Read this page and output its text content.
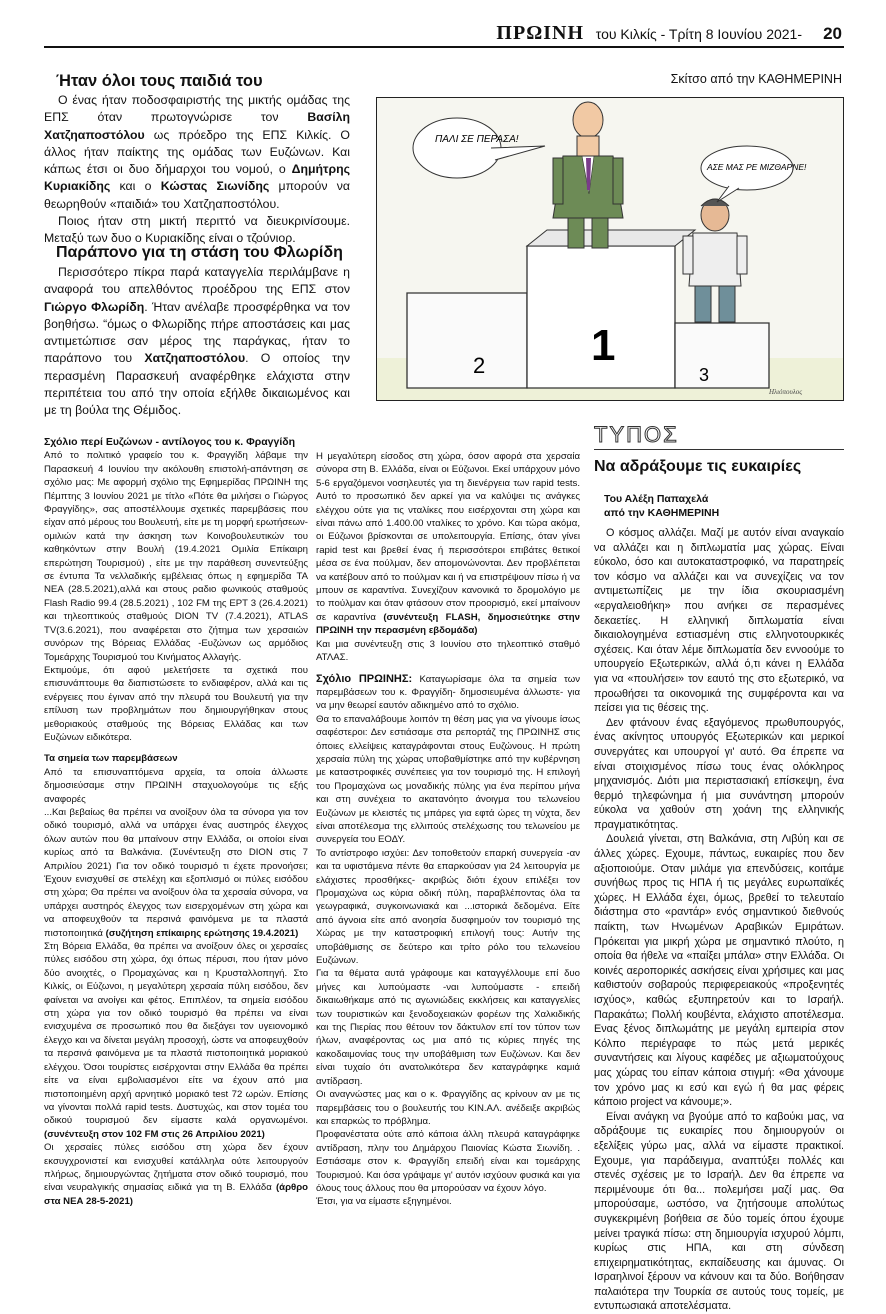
ΠΡΩΙΝΗ του Κιλκίς - Τρίτη 8 Ιουνίου 2021- 20
Ήταν όλοι τους παιδιά του

Ο ένας ήταν ποδοσφαιριστής της μικτής ομάδας της ΕΠΣ όταν πρωτογνώρισε τον Βασίλη Χατζηαποστόλου ως πρόεδρο της ΕΠΣ Κιλκίς. Ο άλλος ήταν παίκτης της ομάδας των Ευζώνων. Και κάπως έτσι οι δυο δήμαρχοι του νομού, ο Δημήτρης Κυριακίδης και ο Κώστας Σιωνίδης μπορούν να θεωρηθούν «παιδιά» του Χατζηαποστόλου.

Ποιος ήταν στη μικτή περιττό να διευκρινίσουμε. Μεταξύ των δυο ο Κυριακίδης είναι ο τζούνιορ.

Παράπονο για τη στάση του Φλωρίδη

Περισσότερο πίκρα παρά καταγγελία περιλάμβανε η αναφορά του απελθόντος προέδρου της ΕΠΣ στον Γιώργο Φλωρίδη. Ήταν ανέλαβε προσφέρθηκα να τον βοηθήσω. “όμως ο Φλωρίδης πήρε αποστάσεις και μας αντιμετώπισε σαν μέρος της παράγκας, ήταν το παράπονο του Χατζηαποστόλου. Ο οποίος την περασμένη Παρασκευή αναφέρθηκε ελάχιστα στην περιπέτεια του από την οποία εξήλθε δικαιωμένος και με τη βούλα της Θέμιδος.

Σκίτσο από την ΚΑΘΗΜΕΡΙΝΗ
2 1
3
ΠΑΛΙ ΣΕ ΠΕΡΑΣΑ!
ΑΣΕ ΜΑΣ ΡΕ ΜΙΖΘΑΡΝΕ!
Ηλιόπουλος

Σχόλιο περί Ευζώνων - αντίλογος του κ. Φραγγίδη

Από το πολιτικό γραφείο του κ. Φραγγίδη λάβαμε την Παρασκευή 4 Ιουνίου την ακόλουθη επιστολή-απάντηση σε σχόλιο μας: Με αφορμή σχόλιο της Εφημερίδας ΠΡΩΙΝΗ της Πέμπτης 3 Ιουνίου 2021 με τίτλο «Πότε θα μιλήσει ο Γιώργος Φραγγίδης», σας αποστέλλουμε σχετικές παρεμβάσεις που είχαν από μέρους του Βουλευτή, είτε με τη μορφή ερωτήσεων-ομιλιών κατά την άσκηση των Κοινοβουλευτικών του καθηκόντων στην Βουλή (19.4.2021 Ομιλία Επίκαιρη επερώτηση Τουρισμού) , είτε με την παράθεση συνεντεύξης σε έντυπα Τα νελλαδικής εμβέλειας όπως η εφημερίδα ΤΑ ΝΕΑ (28.5.2021),αλλά και στους ραδιο φωνικούς σταθμούς Flash Radio 99.4 (28.5.2021) , 102 FM της ΕΡΤ 3 (26.4.2021) και τηλεοπτικούς σταθμούς DION TV (7.4.2021), ATLAS TV(3.6.2021), που αναφέρεται στο ζήτημα των χερσαιών συνόρων της Βόρειας Ελλάδας -Ευζώνων ως αρμόδιος Τομεάρχης Τουρισμού του Κινήματος Αλλαγής.

Εκτιμούμε, ότι αφού μελετήσετε τα σχετικά που επισυνάπτουμε θα διαπιστώσετε το ενδιαφέρον, αλλά και τις ενέργειες που έγιναν από την πλευρά του Βουλευτή για την επίλυση των προβλημάτων που δημιουργήθηκαν στους μεθοριακούς σταθμούς της Βόρειας Ελλάδας και των Ευζώνων ειδικότερα.

Τα σημεία των παρεμβάσεων

Από τα επισυναπτόμενα αρχεία, τα οποία άλλωστε δημοσιεύσαμε στην ΠΡΩΙΝΗ σταχυολογούμε τις εξής αναφορές

...Και βεβαίως θα πρέπει να ανοίξουν όλα τα σύνορα για τον οδικό τουρισμό, αλλά να υπάρχει ένας αυστηρός έλεγχος όλων αυτών που θα μπαίνουν στην Ελλάδα, οι οποίοι είναι κυρίως από τα Βαλκάνια. (Συνέντευξη στο DION στις 7 Απριλίου 2021) Για τον οδικό τουρισμό τι έχετε προνοήσει; Έχουν ενισχυθεί σε στελέχη και εξοπλισμό οι πύλες εισόδου στη χώρα; Θα πρέπει να ανοίξουν όλα τα χερσαία σύνορα, να υπάρχει αυστηρός έλεγχος των εισερχομένων στη χώρα και να αποφευχθούν τα περσινά φαινόμενα με τα πλαστά πιστοποιητικά (συζήτηση επίκαιρης ερώτησης 19.4.2021)

Στη Βόρεια Ελλάδα, θα πρέπει να ανοίξουν όλες οι χερσαίες πύλες εισόδου στη χώρα, όχι όπως πέρυσι, που ήταν μόνο δύο ανοιχτές, ο Προμαχώνας και η Κρυσταλλοπηγή. Στο Κιλκίς, οι Εύζωνοι, η μεγαλύτερη χερσαία πύλη εισόδου, δεν φαίνεται να ανοίγει και φέτος. Επιπλέον, τα σημεία εισόδου στη χώρα για τον οδικό τουρισμό θα πρέπει να είναι ενισχυμένα σε προσωπικό που θα διεξάγει τον υγειονομικό έλεγχο και να δίνεται μεγάλη προσοχή, ώστε να αποφευχθούν τα περσινά φαινόμενα με τα πλαστά πιστοποιητικά μοριακού ελέγχου. Όσοι τουρίστες εισέρχονται στην Ελλάδα θα πρέπει είτε να είναι εμβολιασμένοι είτε να έχουν από μια πιστοποιημένη αρχή αρνητικό μοριακό test 72 ωρών. Επίσης να γίνονται πολλά rapid tests. Δυστυχώς, και στον τομέα του οδικού τουρισμού δεν είμαστε καλά οργανωμένοι. (συνέντευξη στον 102 FM στις 26 Απριλίου 2021)

Οι χερσαίες πύλες εισόδου στη χώρα δεν έχουν εκσυγχρονιστεί και ενισχυθεί κατάλληλα ούτε λειτουργούν πλήρως, δημιουργώντας ζητήματα στον οδικό τουρισμό, που είναι νευραλγικής σημασίας ειδικά για τη Β. Ελλάδα (άρθρο στα ΝΕΑ 28-5-2021)

Η μεγαλύτερη είσοδος στη χώρα, όσον αφορά στα χερσαία σύνορα στη Β. Ελλάδα, είναι οι Εύζωνοι. Εκεί υπάρχουν μόνο 5-6 εργαζόμενοι νοσηλευτές για τη διενέργεια των rapid tests. Αυτό το προσωπικό δεν αρκεί για να καλύψει τις ανάγκες ελέγχου ούτε για τις νταλίκες που εισέρχονται στη χώρα και είναι πάνω από 1.400.00 νταλίκες το χρόνο. Και τώρα ακόμα, οι Εύζωνοι βρίσκονται σε υπολειτουργία. Επίσης, όταν γίνει rapid test και βρεθεί ένας ή περισσότεροι επιβάτες θετικοί μέσα σε ένα πούλμαν, δεν απομονώνονται. Δεν προβλέπεται να κατέβουν από το πούλμαν και ή να επιστρέψουν πίσω ή να μπουν σε καραντίνα. Συνεχίζουν κανονικά το δρομολόγιο με το πούλμαν και όταν φτάσουν στον προορισμό, εκεί μπαίνουν σε καραντίνα (συνέντευξη FLASH, δημοσιεύτηκε στην ΠΡΩΙΝΗ την περασμένη εβδομάδα)

Και μια συνέντευξη στις 3 Ιουνίου στο τηλεοπτικό σταθμό ΑΤΛΑΣ.

Σχόλιο ΠΡΩΙΝΗΣ: Καταγωρίσαμε όλα τα σημεία των παρεμβάσεων του κ. Φραγγίδη- δημοσιευμένα άλλωστε- για να μην θεωρεί εαυτόν αδικημένο από το σχόλιο.

Θα το επαναλάβουμε λοιπόν τη θέση μας για να γίνουμε ίσως σαφέστεροι: Δεν εστιάσαμε στα ρεπορτάζ της ΠΡΩΙΝΗΣ στις όποιες ελλείψεις καταγράφονται στους Ευζώνους. Η πρώτη χερσαία πύλη της χώρας υποβαθμίστηκε από την κυβέρνηση με καταστροφικές συνέπειες για τον τουρισμό της. Η επιλογή του Προμαχώνα ως μοναδικής πύλης για ένα περίπου μήνα και στη συνέχεια το ακατανόητο άνοιγμα του τελωνείου Ευζώνων με κλειστές τις μπάρες για εφτά ώρες τη νύχτα, δεν είναι αποτέλεσμα της ελλιπούς στελέχωσης του τελωνείου με συνεργεία του ΕΟΔΥ.

Το αντίστροφο ισχύει: Δεν τοποθετούν επαρκή συνεργεία -αν και τα υφιστάμενα πέντε θα επαρκούσαν για 24 λειτουργία με ελάχιστες προσθήκες- ακριβώς διότι έχουν επιλέξει τον Προμαχώνα ως κύρια οδική πύλη, παραβλέποντας όλα τα γεωγραφικά, συγκοινωνιακά και ...ιστορικά δεδομένα. Είτε από άγνοια είτε από ανοησία δυσφημούν τον τουρισμό της Χώρας με την καταστροφική επιλογή τους: Αυτήν της υποβάθμισης σε δεύτερο και τρίτο ρόλο του τελωνείου Ευζώνων.

Για τα θέματα αυτά γράφουμε και καταγγέλλουμε επί δυο μήνες και λυπούμαστε -ναι λυπούμαστε - επειδή δικαιωθήκαμε από τις αγωνιώδεις εκκλήσεις και καταγγελίες των τουριστικών και ξενοδοχειακών φορέων της Χαλκιδικής και της Πιερίας που θέτουν τον δάκτυλον επί τον τύπον των ήλων, αναφέροντας ως μια από τις κύριες πηγές της κακοδαιμονίας τους την υποβάθμιση των Ευζώνων. Και δεν είναι τυχαίο ότι ανατολικότερα δεν καταγράφηκε καμιά αντίδραση.

Οι αναγνώστες μας και ο κ. Φραγγίδης ας κρίνουν αν με τις παρεμβάσεις του ο βουλευτής του ΚΙΝ.ΑΛ. ανέδειξε ακριβώς και επαρκώς το πρόβλημα.

Προφανέστατα ούτε από κάποια άλλη πλευρά καταγράφηκε αντίδραση, πλην του Δημάρχου Παιονίας Κώστα Σιωνίδη. . Εστιάσαμε στον κ. Φραγγίδη επειδή είναι και τομεάρχης Τουρισμού. Και όσα γράψαμε γι' αυτόν ισχύουν φυσικά και για όλους τους άλλους που θα μπορούσαν να έχουν λόγο.

Έτσι, για να είμαστε εξηγημένοι.

ΤΥΠΟΣ
Να αδράξουμε τις ευκαιρίες
Του Αλέξη Παπαχελά
από την ΚΑΘΗΜΕΡΙΝΗ

Ο κόσμος αλλάζει. Μαζί με αυτόν είναι αναγκαίο να αλλάζει και η διπλωματία μας χώρας. Είναι εύκολο, όσο και αυτοκαταστροφικό, να παρατηρείς τον κόσμο να αλλάζει και να συνεχίζεις να τον αντιμετωπίζεις με την ίδια σκουριασμένη «εργαλειοθήκη» που ανήκει σε περασμένες δεκαετίες. Η ελληνική διπλωματία είναι δικαιολογημένα εστιασμένη στις ελληνοτουρκικές σχέσεις. Και όταν λέμε διπλωματία δεν εννοούμε το υπουργείο Εξωτερικών, αλλά ό,τι κάνει η Ελλάδα για να «πουλήσει» τον εαυτό της στο εξωτερικό, να προωθήσει τα οικονομικά της συμφέροντα και να πείσει για τις θέσεις της.

Δεν φτάνουν ένας εξαγόμενος πρωθυπουργός, ένας ακίνητος υπουργός Εξωτερικών και μερικοί συνεργάτες και υπουργοί γι' αυτό. Θα έπρεπε να είναι στοιχισμένος πίσω τους ένας ολόκληρος μηχανισμός. Διότι μια περιστασιακή επίσκεψη, ένα θερμό τηλεφώνημα ή μια συνάντηση μπορούν εύκολα να χαθούν στη χοάνη της ελληνικής πραγματικότητας.

Δουλειά γίνεται, στη Βαλκάνια, στη Λιβύη και σε άλλες χώρες. Εχουμε, πάντως, ευκαιρίες που δεν αξιοποιούμε. Οταν μιλάμε για επενδύσεις, κοιτάμε συνήθως προς τις ΗΠΑ ή τις μεγάλες ευρωπαϊκές χώρες. Η Ελλάδα έχει, όμως, βρεθεί το τελευταίο διάστημα στο «ραντάρ» ενός σημαντικού διεθνούς παίκτη, των Ηνωμένων Αραβικών Εμιράτων. Πρόκειται για μικρή χώρα με σημαντικό πλούτο, η οποία θα ήθελε να «παίξει μπάλα» στην Ελλάδα. Οι κοινές αεροπορικές ασκήσεις είναι χρήσιμες και μας καθιστούν σοβαρούς περιφερειακούς «προξενητές ισχύος», καθώς εξυπηρετούν και το Ισραήλ. Παρακάτω; Πολλή κουβέντα, ελάχιστο αποτέλεσμα. Ενας ξένος διπλωμάτης με μεγάλη εμπειρία στον Κόλπο περιέγραφε το πώς μετά μερικές συναντήσεις και λίγους καφέδες με αξιωματούχους μας χώρας του είπαν κάποια στιγμή: «Θα χάνουμε τον χρόνο μας κι εσύ και εγώ ή θα μας φέρεις κάποιο project να κάνουμε;».

Είναι ανάγκη να βγούμε από το καβούκι μας, να αδράξουμε τις ευκαιρίες που δημιουργούν οι εξελίξεις γύρω μας, αλλά να είμαστε πρακτικοί. Εχουμε, για παράδειγμα, αναπτύξει πολλές και στενές σχέσεις με το Ισραήλ. Δεν θα έπρεπε να περιμένουμε ότι θα... πολεμήσει μαζί μας. Θα μπορούσαμε, ωστόσο, να ζητήσουμε απολύτως συγκεκριμένη βοήθεια σε δύο τομείς όπου έχουμε μείνει τραγικά πίσω: στη δημιουργία ισχυρού λόμπι, κυρίως στις ΗΠΑ, και στη σύνδεση επιχειρηματικότητας, εκπαίδευσης και άμυνας. Οι Ισραηλινοί ξέρουν να κάνουν και τα δύο. Βοήθησαν παλαιότερα την Τουρκία σε αυτούς τους τομείς, με εντυπωσιακά αποτελέσματα.
